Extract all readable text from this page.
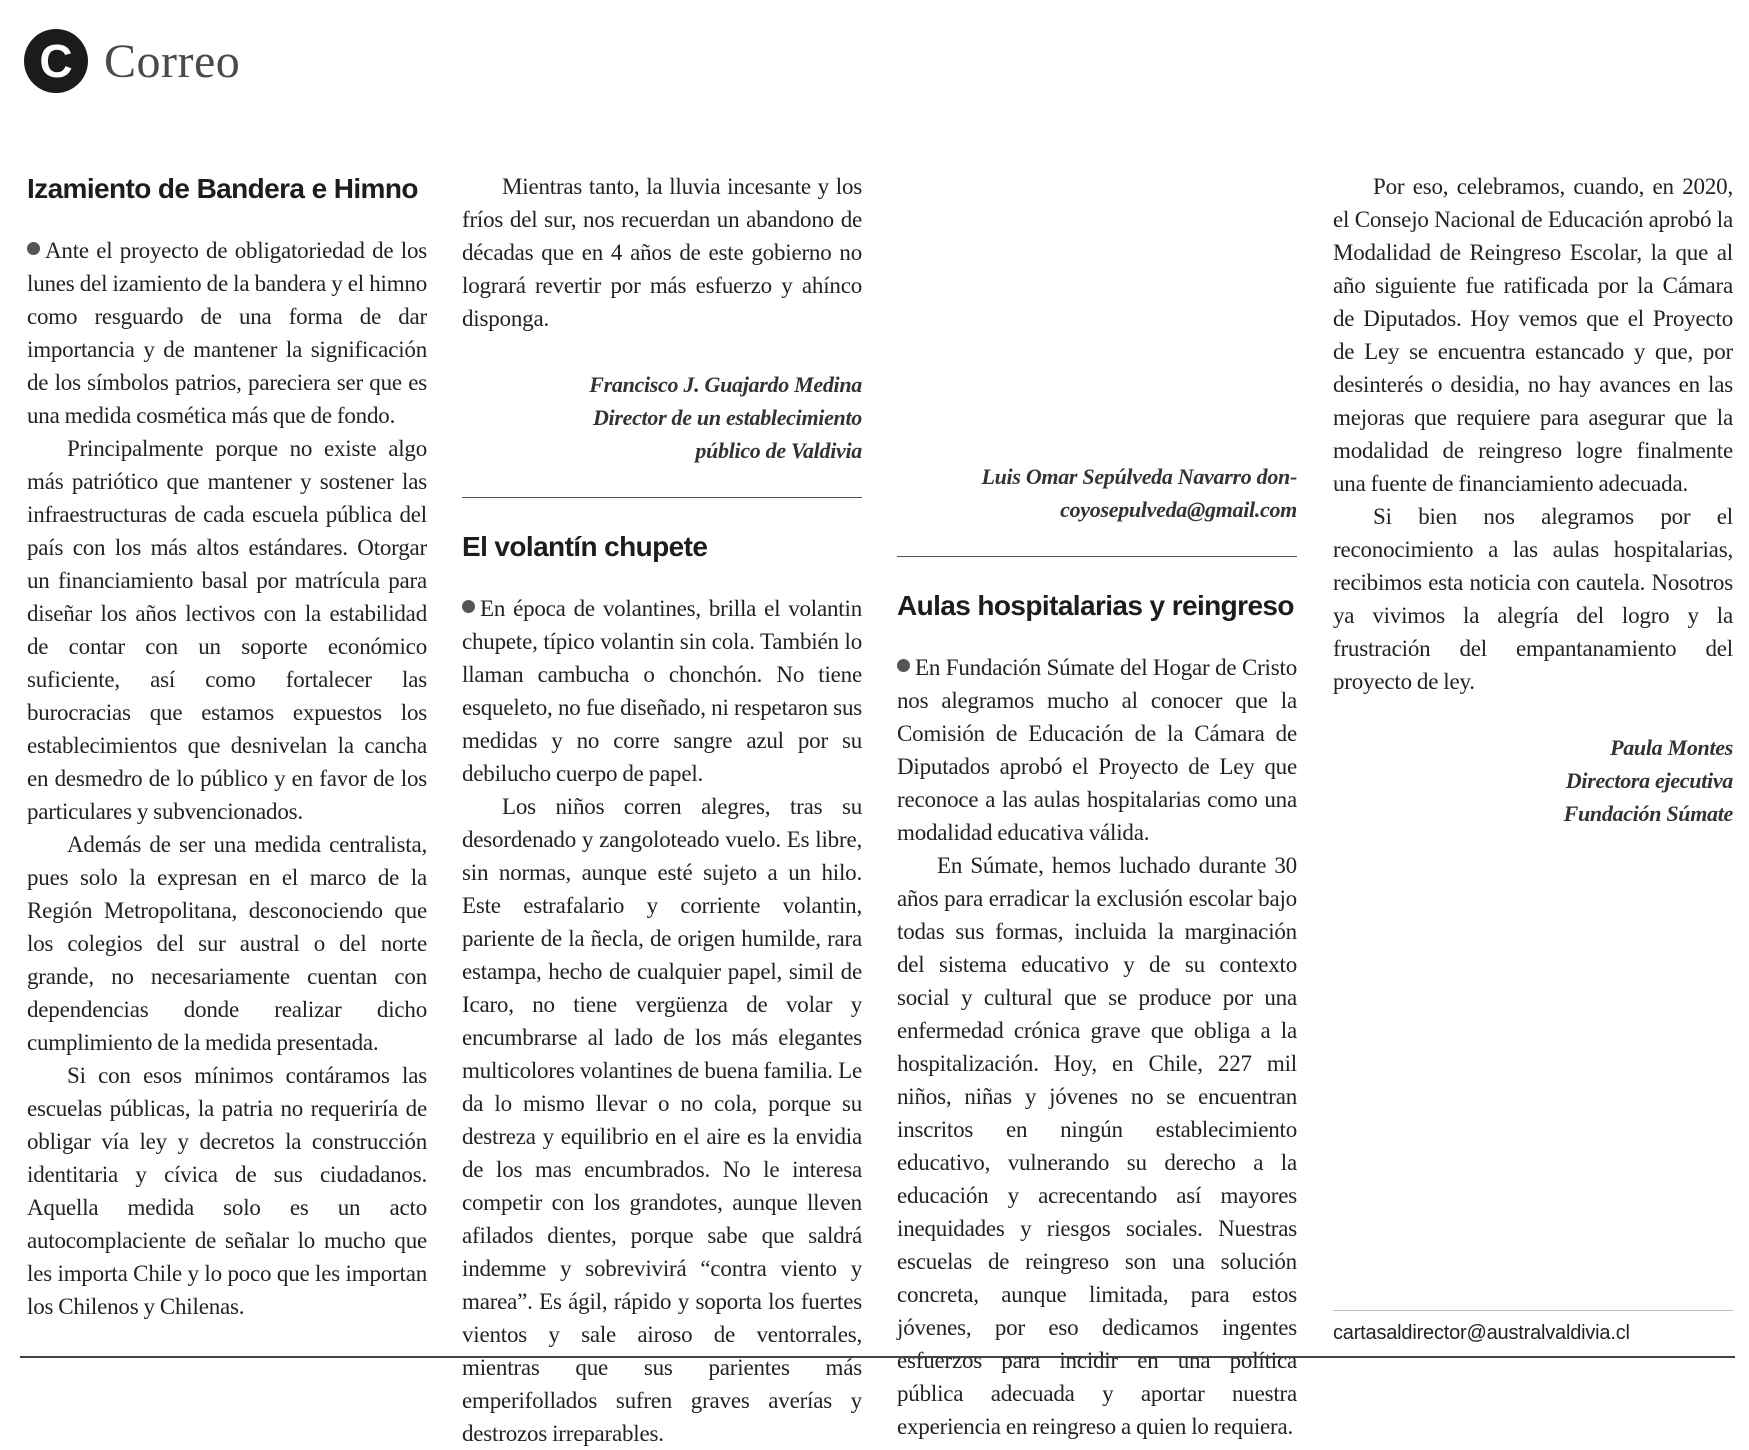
C Correo
Izamiento de Bandera e Himno

Ante el proyecto de obligatoriedad de los lunes del izamiento de la bandera y el himno como resguardo de una forma de dar importancia y de mantener la significación de los símbolos patrios, pareciera ser que es una medida cosmética más que de fondo.

Principalmente porque no existe algo más patriótico que mantener y sostener las infraestructuras de cada escuela pública del país con los más altos estándares. Otorgar un financiamiento basal por matrícula para diseñar los años lectivos con la estabilidad de contar con un soporte económico suficiente, así como fortalecer las burocracias que estamos expuestos los establecimientos que desnivelan la cancha en desmedro de lo público y en favor de los particulares y subvencionados.

Además de ser una medida centralista, pues solo la expresan en el marco de la Región Metropolitana, desconociendo que los colegios del sur austral o del norte grande, no necesariamente cuentan con dependencias donde realizar dicho cumplimiento de la medida presentada.

Si con esos mínimos contáramos las escuelas públicas, la patria no requeriría de obligar vía ley y decretos la construcción identitaria y cívica de sus ciudadanos. Aquella medida solo es un acto autocomplaciente de señalar lo mucho que les importa Chile y lo poco que les importan los Chilenos y Chilenas.

Mientras tanto, la lluvia incesante y los fríos del sur, nos recuerdan un abandono de décadas que en 4 años de este gobierno no logrará revertir por más esfuerzo y ahínco disponga.

Francisco J. Guajardo Medina
Director de un establecimiento
público de Valdivia
El volantín chupete

En época de volantines, brilla el volantin chupete, típico volantin sin cola. También lo llaman cambucha o chonchón. No tiene esqueleto, no fue diseñado, ni respetaron sus medidas y no corre sangre azul por su debilucho cuerpo de papel.

Los niños corren alegres, tras su desordenado y zangoloteado vuelo. Es libre, sin normas, aunque esté sujeto a un hilo. Este estrafalario y corriente volantin, pariente de la ñecla, de origen humilde, rara estampa, hecho de cualquier papel, simil de Icaro, no tiene vergüenza de volar y encumbrarse al lado de los más elegantes multicolores volantines de buena familia. Le da lo mismo llevar o no cola, porque su destreza y equilibrio en el aire es la envidia de los mas encumbrados. No le interesa competir con los grandotes, aunque lleven afilados dientes, porque sabe que saldrá indemme y sobrevivirá “contra viento y marea”. Es ágil, rápido y soporta los fuertes vientos y sale airoso de ventorrales, mientras que sus parientes más emperifollados sufren graves averías y destrozos irreparables.

Luis Omar Sepúlveda Navarro don-
coyosepulveda@gmail.com
Aulas hospitalarias y reingreso

En Fundación Súmate del Hogar de Cristo nos alegramos mucho al conocer que la Comisión de Educación de la Cámara de Diputados aprobó el Proyecto de Ley que reconoce a las aulas hospitalarias como una modalidad educativa válida.

En Súmate, hemos luchado durante 30 años para erradicar la exclusión escolar bajo todas sus formas, incluida la marginación del sistema educativo y de su contexto social y cultural que se produce por una enfermedad crónica grave que obliga a la hospitalización. Hoy, en Chile, 227 mil niños, niñas y jóvenes no se encuentran inscritos en ningún establecimiento educativo, vulnerando su derecho a la educación y acrecentando así mayores inequidades y riesgos sociales. Nuestras escuelas de reingreso son una solución concreta, aunque limitada, para estos jóvenes, por eso dedicamos ingentes esfuerzos para incidir en una política pública adecuada y aportar nuestra experiencia en reingreso a quien lo requiera.

Por eso, celebramos, cuando, en 2020, el Consejo Nacional de Educación aprobó la Modalidad de Reingreso Escolar, la que al año siguiente fue ratificada por la Cámara de Diputados. Hoy vemos que el Proyecto de Ley se encuentra estancado y que, por desinterés o desidia, no hay avances en las mejoras que requiere para asegurar que la modalidad de reingreso logre finalmente una fuente de financiamiento adecuada.

Si bien nos alegramos por el reconocimiento a las aulas hospitalarias, recibimos esta noticia con cautela. Nosotros ya vivimos la alegría del logro y la frustración del empantanamiento del proyecto de ley.

Paula Montes
Directora ejecutiva
Fundación Súmate
cartasaldirector@australvaldivia.cl
